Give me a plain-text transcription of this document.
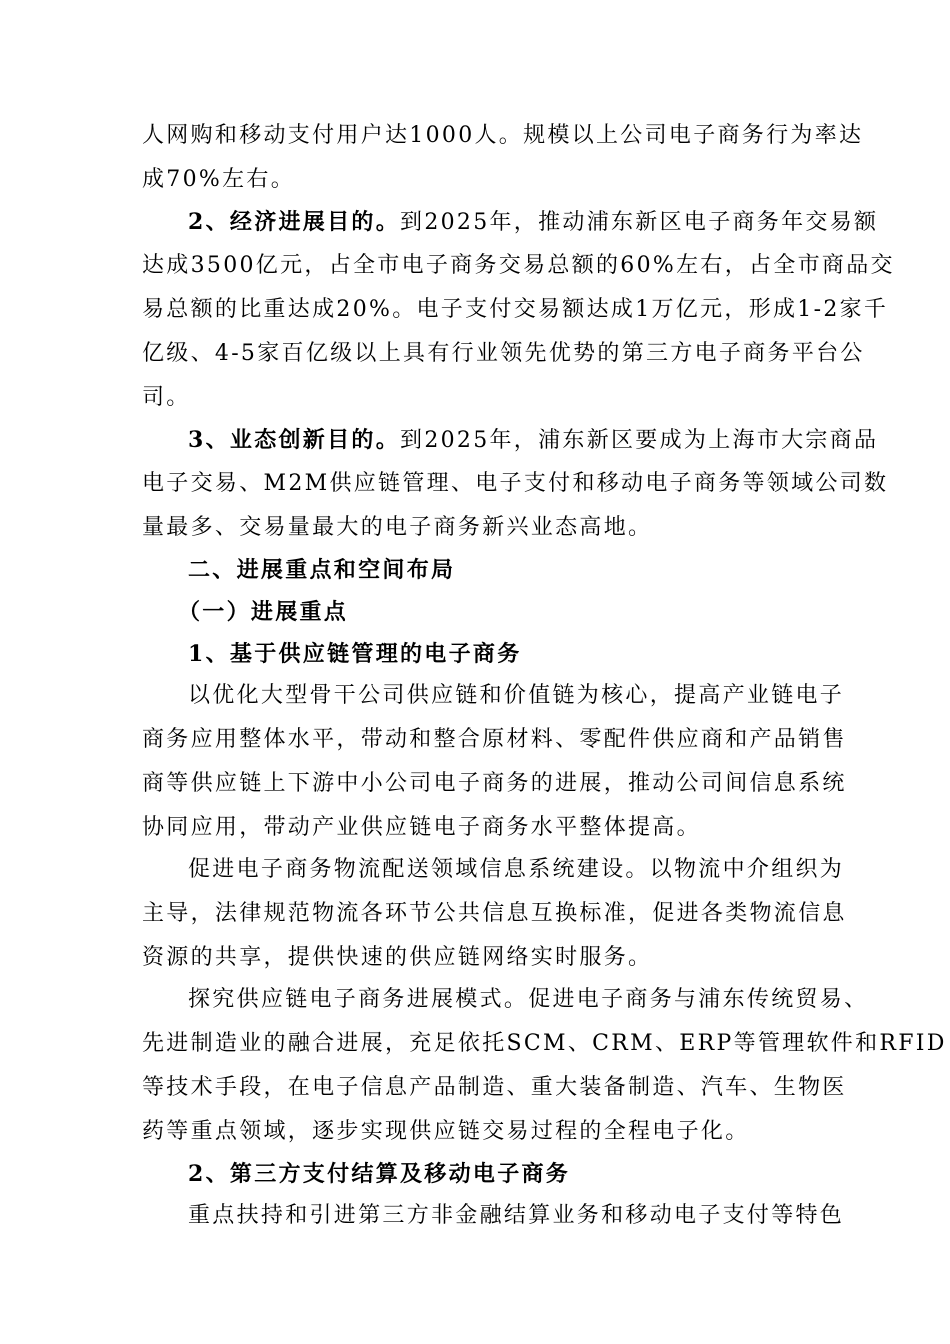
人网购和移动支付用户达1000人。规模以上公司电子商务行为率达
成70%左右。
2、经济进展目的。到2025年，推动浦东新区电子商务年交易额
达成3500亿元，占全市电子商务交易总额的60%左右，占全市商品交
易总额的比重达成20%。电子支付交易额达成1万亿元，形成1-2家千
亿级、4-5家百亿级以上具有行业领先优势的第三方电子商务平台公
司。
3、业态创新目的。到2025年，浦东新区要成为上海市大宗商品
电子交易、M2M供应链管理、电子支付和移动电子商务等领域公司数
量最多、交易量最大的电子商务新兴业态高地。
二、进展重点和空间布局
（一）进展重点
1、基于供应链管理的电子商务
以优化大型骨干公司供应链和价值链为核心，提高产业链电子
商务应用整体水平，带动和整合原材料、零配件供应商和产品销售
商等供应链上下游中小公司电子商务的进展，推动公司间信息系统
协同应用，带动产业供应链电子商务水平整体提高。
促进电子商务物流配送领域信息系统建设。以物流中介组织为
主导，法律规范物流各环节公共信息互换标准，促进各类物流信息
资源的共享，提供快速的供应链网络实时服务。
探究供应链电子商务进展模式。促进电子商务与浦东传统贸易、
先进制造业的融合进展，充足依托SCM、CRM、ERP等管理软件和RFID
等技术手段，在电子信息产品制造、重大装备制造、汽车、生物医
药等重点领域，逐步实现供应链交易过程的全程电子化。
2、第三方支付结算及移动电子商务
重点扶持和引进第三方非金融结算业务和移动电子支付等特色
